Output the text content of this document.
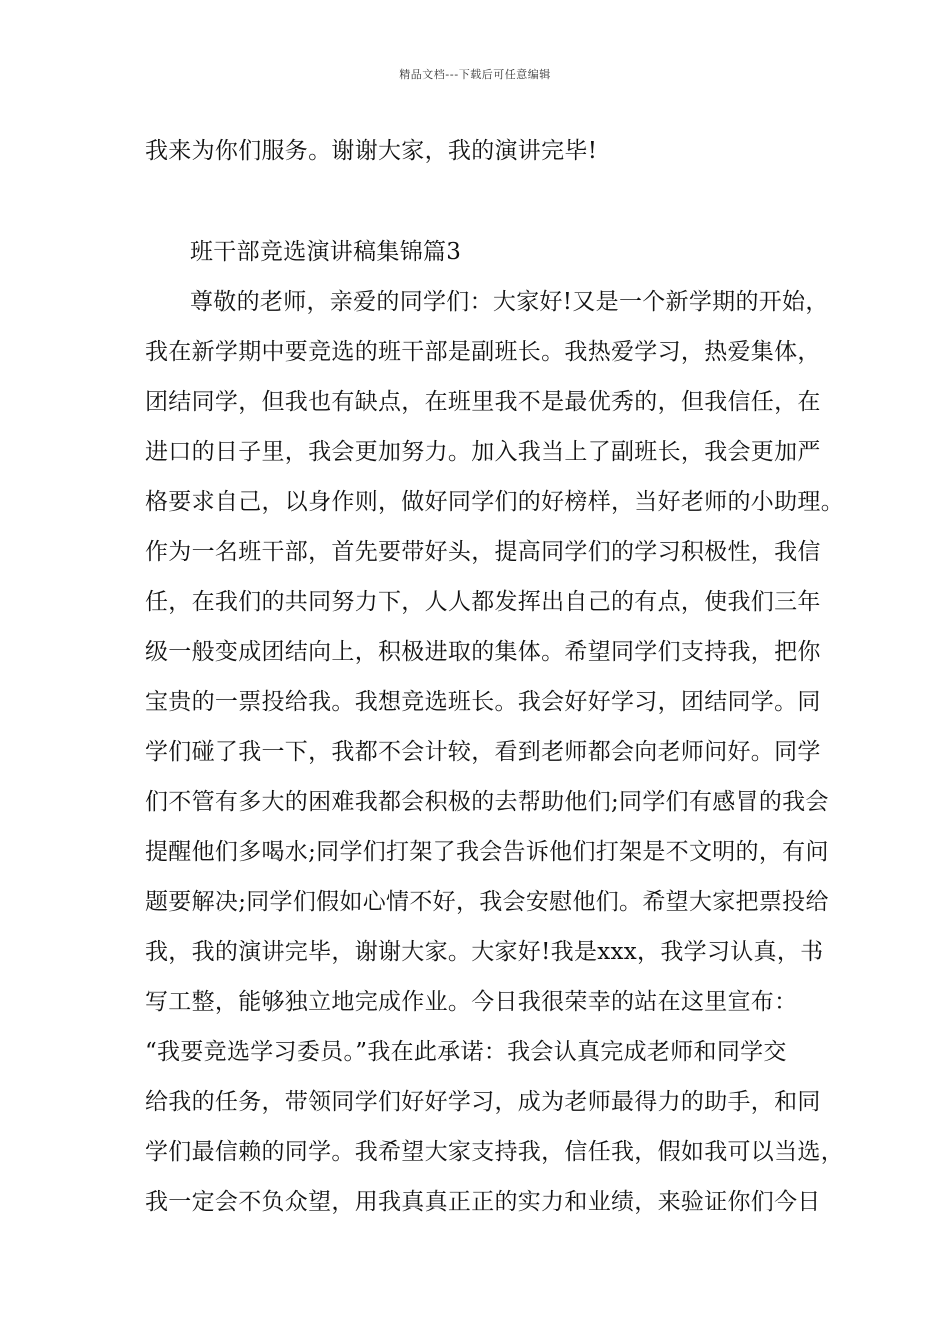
精品文档---下载后可任意编辑
我来为你们服务。谢谢大家，我的演讲完毕!
班干部竞选演讲稿集锦篇3
尊敬的老师，亲爱的同学们：大家好!又是一个新学期的开始，
我在新学期中要竞选的班干部是副班长。我热爱学习，热爱集体，
团结同学，但我也有缺点，在班里我不是最优秀的，但我信任，在
进口的日子里，我会更加努力。加入我当上了副班长，我会更加严
格要求自己，以身作则，做好同学们的好榜样，当好老师的小助理。
作为一名班干部，首先要带好头，提高同学们的学习积极性，我信
任，在我们的共同努力下，人人都发挥出自己的有点，使我们三年
级一般变成团结向上，积极进取的集体。希望同学们支持我，把你
宝贵的一票投给我。我想竞选班长。我会好好学习，团结同学。同
学们碰了我一下，我都不会计较，看到老师都会向老师问好。同学
们不管有多大的困难我都会积极的去帮助他们;同学们有感冒的我会
提醒他们多喝水;同学们打架了我会告诉他们打架是不文明的，有问
题要解决;同学们假如心情不好，我会安慰他们。希望大家把票投给
我，我的演讲完毕，谢谢大家。大家好!我是xxx，我学习认真，书
写工整，能够独立地完成作业。今日我很荣幸的站在这里宣布：
“我要竞选学习委员。”我在此承诺：我会认真完成老师和同学交
给我的任务，带领同学们好好学习，成为老师最得力的助手，和同
学们最信赖的同学。我希望大家支持我，信任我，假如我可以当选，
我一定会不负众望，用我真真正正的实力和业绩，来验证你们今日
